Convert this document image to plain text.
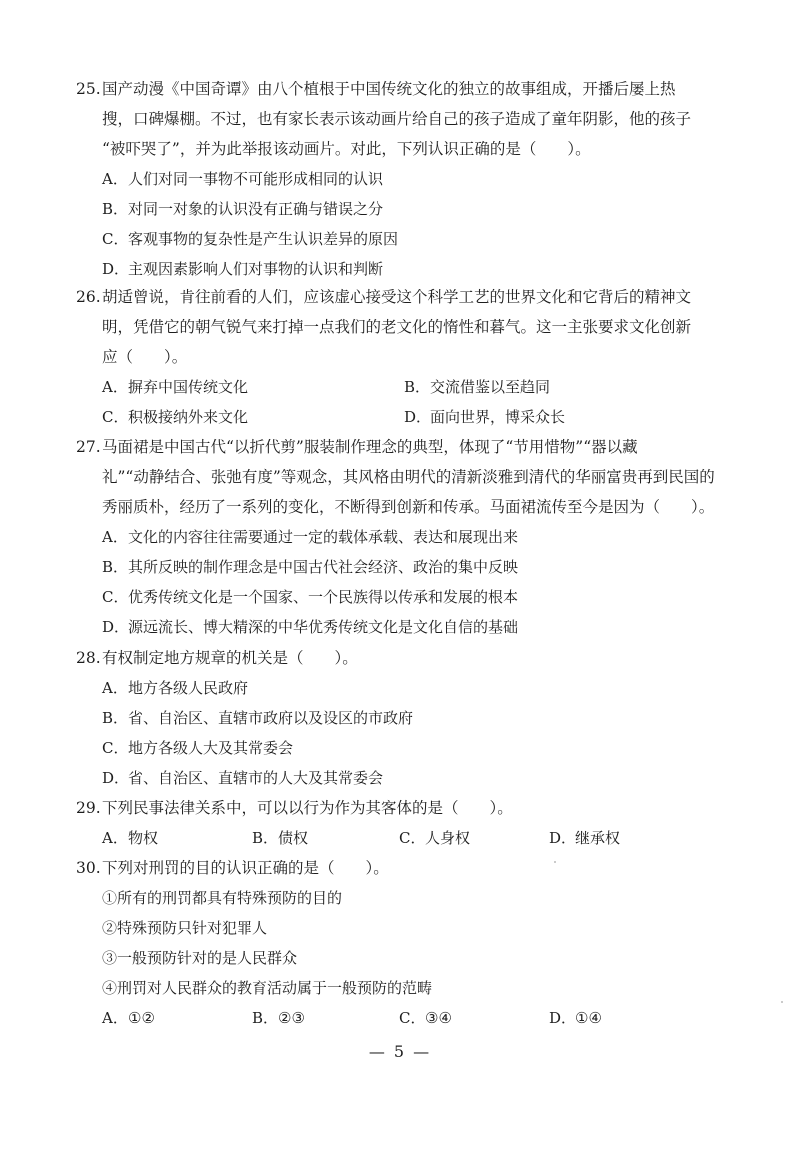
25.国产动漫《中国奇谭》由八个植根于中国传统文化的独立的故事组成，开播后屡上热
搜，口碑爆棚。不过，也有家长表示该动画片给自己的孩子造成了童年阴影，他的孩子
“被吓哭了”，并为此举报该动画片。对此，下列认识正确的是（　　）。
A．人们对同一事物不可能形成相同的认识
B．对同一对象的认识没有正确与错误之分
C．客观事物的复杂性是产生认识差异的原因
D．主观因素影响人们对事物的认识和判断
26.胡适曾说，肯往前看的人们，应该虚心接受这个科学工艺的世界文化和它背后的精神文
明，凭借它的朝气锐气来打掉一点我们的老文化的惰性和暮气。这一主张要求文化创新
应（　　）。
A．摒弃中国传统文化	B．交流借鉴以至趋同
C．积极接纳外来文化	D．面向世界，博采众长
27.马面裙是中国古代“以折代剪”服装制作理念的典型，体现了“节用惜物”“器以藏
礼”“动静结合、张弛有度”等观念，其风格由明代的清新淡雅到清代的华丽富贵再到民国的
秀丽质朴，经历了一系列的变化，不断得到创新和传承。马面裙流传至今是因为（　　）。
A．文化的内容往往需要通过一定的载体承载、表达和展现出来
B．其所反映的制作理念是中国古代社会经济、政治的集中反映
C．优秀传统文化是一个国家、一个民族得以传承和发展的根本
D．源远流长、博大精深的中华优秀传统文化是文化自信的基础
28.有权制定地方规章的机关是（　　）。
A．地方各级人民政府
B．省、自治区、直辖市政府以及设区的市政府
C．地方各级人大及其常委会
D．省、自治区、直辖市的人大及其常委会
29.下列民事法律关系中，可以以行为作为其客体的是（　　）。
A．物权	B．债权	C．人身权	D．继承权
30.下列对刑罚的目的认识正确的是（　　）。
①所有的刑罚都具有特殊预防的目的
②特殊预防只针对犯罪人
③一般预防针对的是人民群众
④刑罚对人民群众的教育活动属于一般预防的范畴
A．①②	B．②③	C．③④	D．①④
— 5 —
